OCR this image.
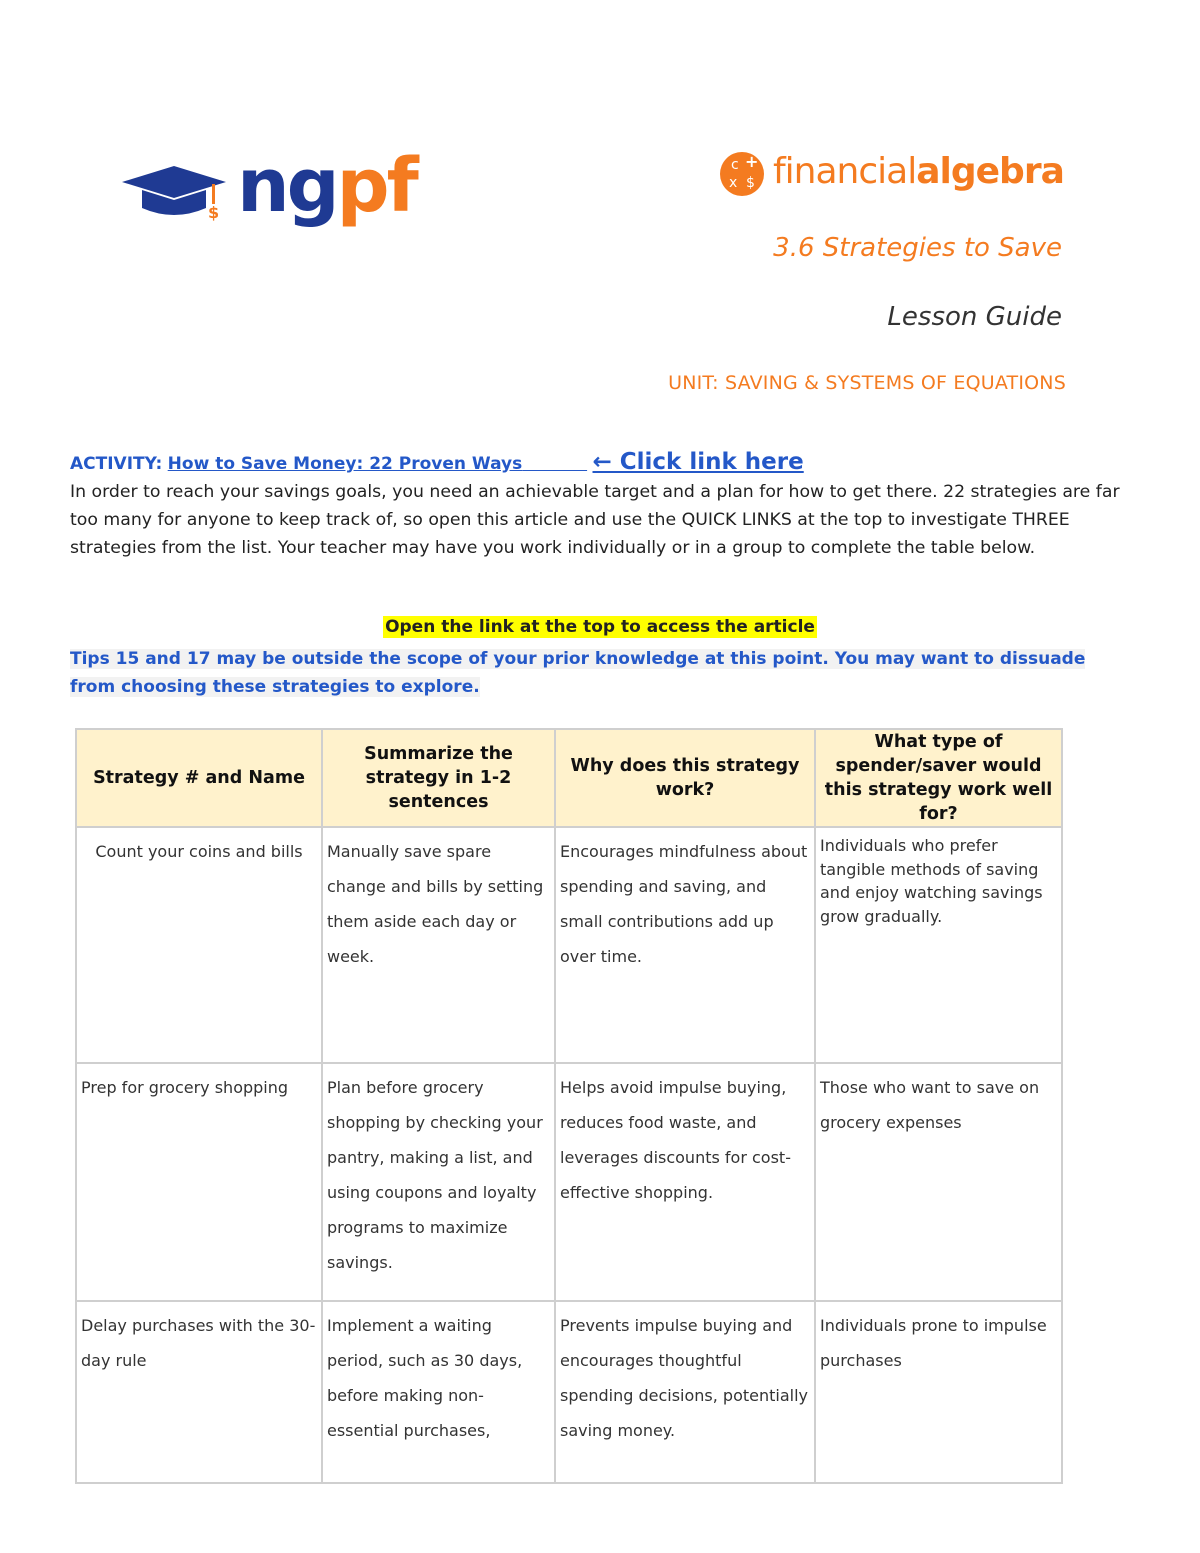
$ ngpf	c +
x $ financialalgebra
3.6 Strategies to Save
Lesson Guide
UNIT: SAVING & SYSTEMS OF EQUATIONS
ACTIVITY: How to Save Money: 22 Proven Ways	← Click link here
In order to reach your savings goals, you need an achievable target and a plan for how to get there. 22 strategies are far too many for anyone to keep track of, so open this article and use the QUICK LINKS at the top to investigate THREE strategies from the list. Your teacher may have you work individually or in a group to complete the table below.
Open the link at the top to access the article
Tips 15 and 17 may be outside the scope of your prior knowledge at this point. You may want to dissuade from choosing these strategies to explore.
Strategy # and Name	Summarize the strategy in 1-2 sentences	Why does this strategy work?	What type of spender/saver would this strategy work well for?
Count your coins and bills	Manually save spare change and bills by setting them aside each day or week.	Encourages mindfulness about spending and saving, and small contributions add up over time.	Individuals who prefer tangible methods of saving and enjoy watching savings grow gradually.
Prep for grocery shopping	Plan before grocery shopping by checking your pantry, making a list, and using coupons and loyalty programs to maximize savings.	Helps avoid impulse buying, reduces food waste, and leverages discounts for cost-effective shopping.	Those who want to save on grocery expenses
Delay purchases with the 30-day rule	Implement a waiting period, such as 30 days, before making non-essential purchases,	Prevents impulse buying and encourages thoughtful spending decisions, potentially saving money.	Individuals prone to impulse purchases
